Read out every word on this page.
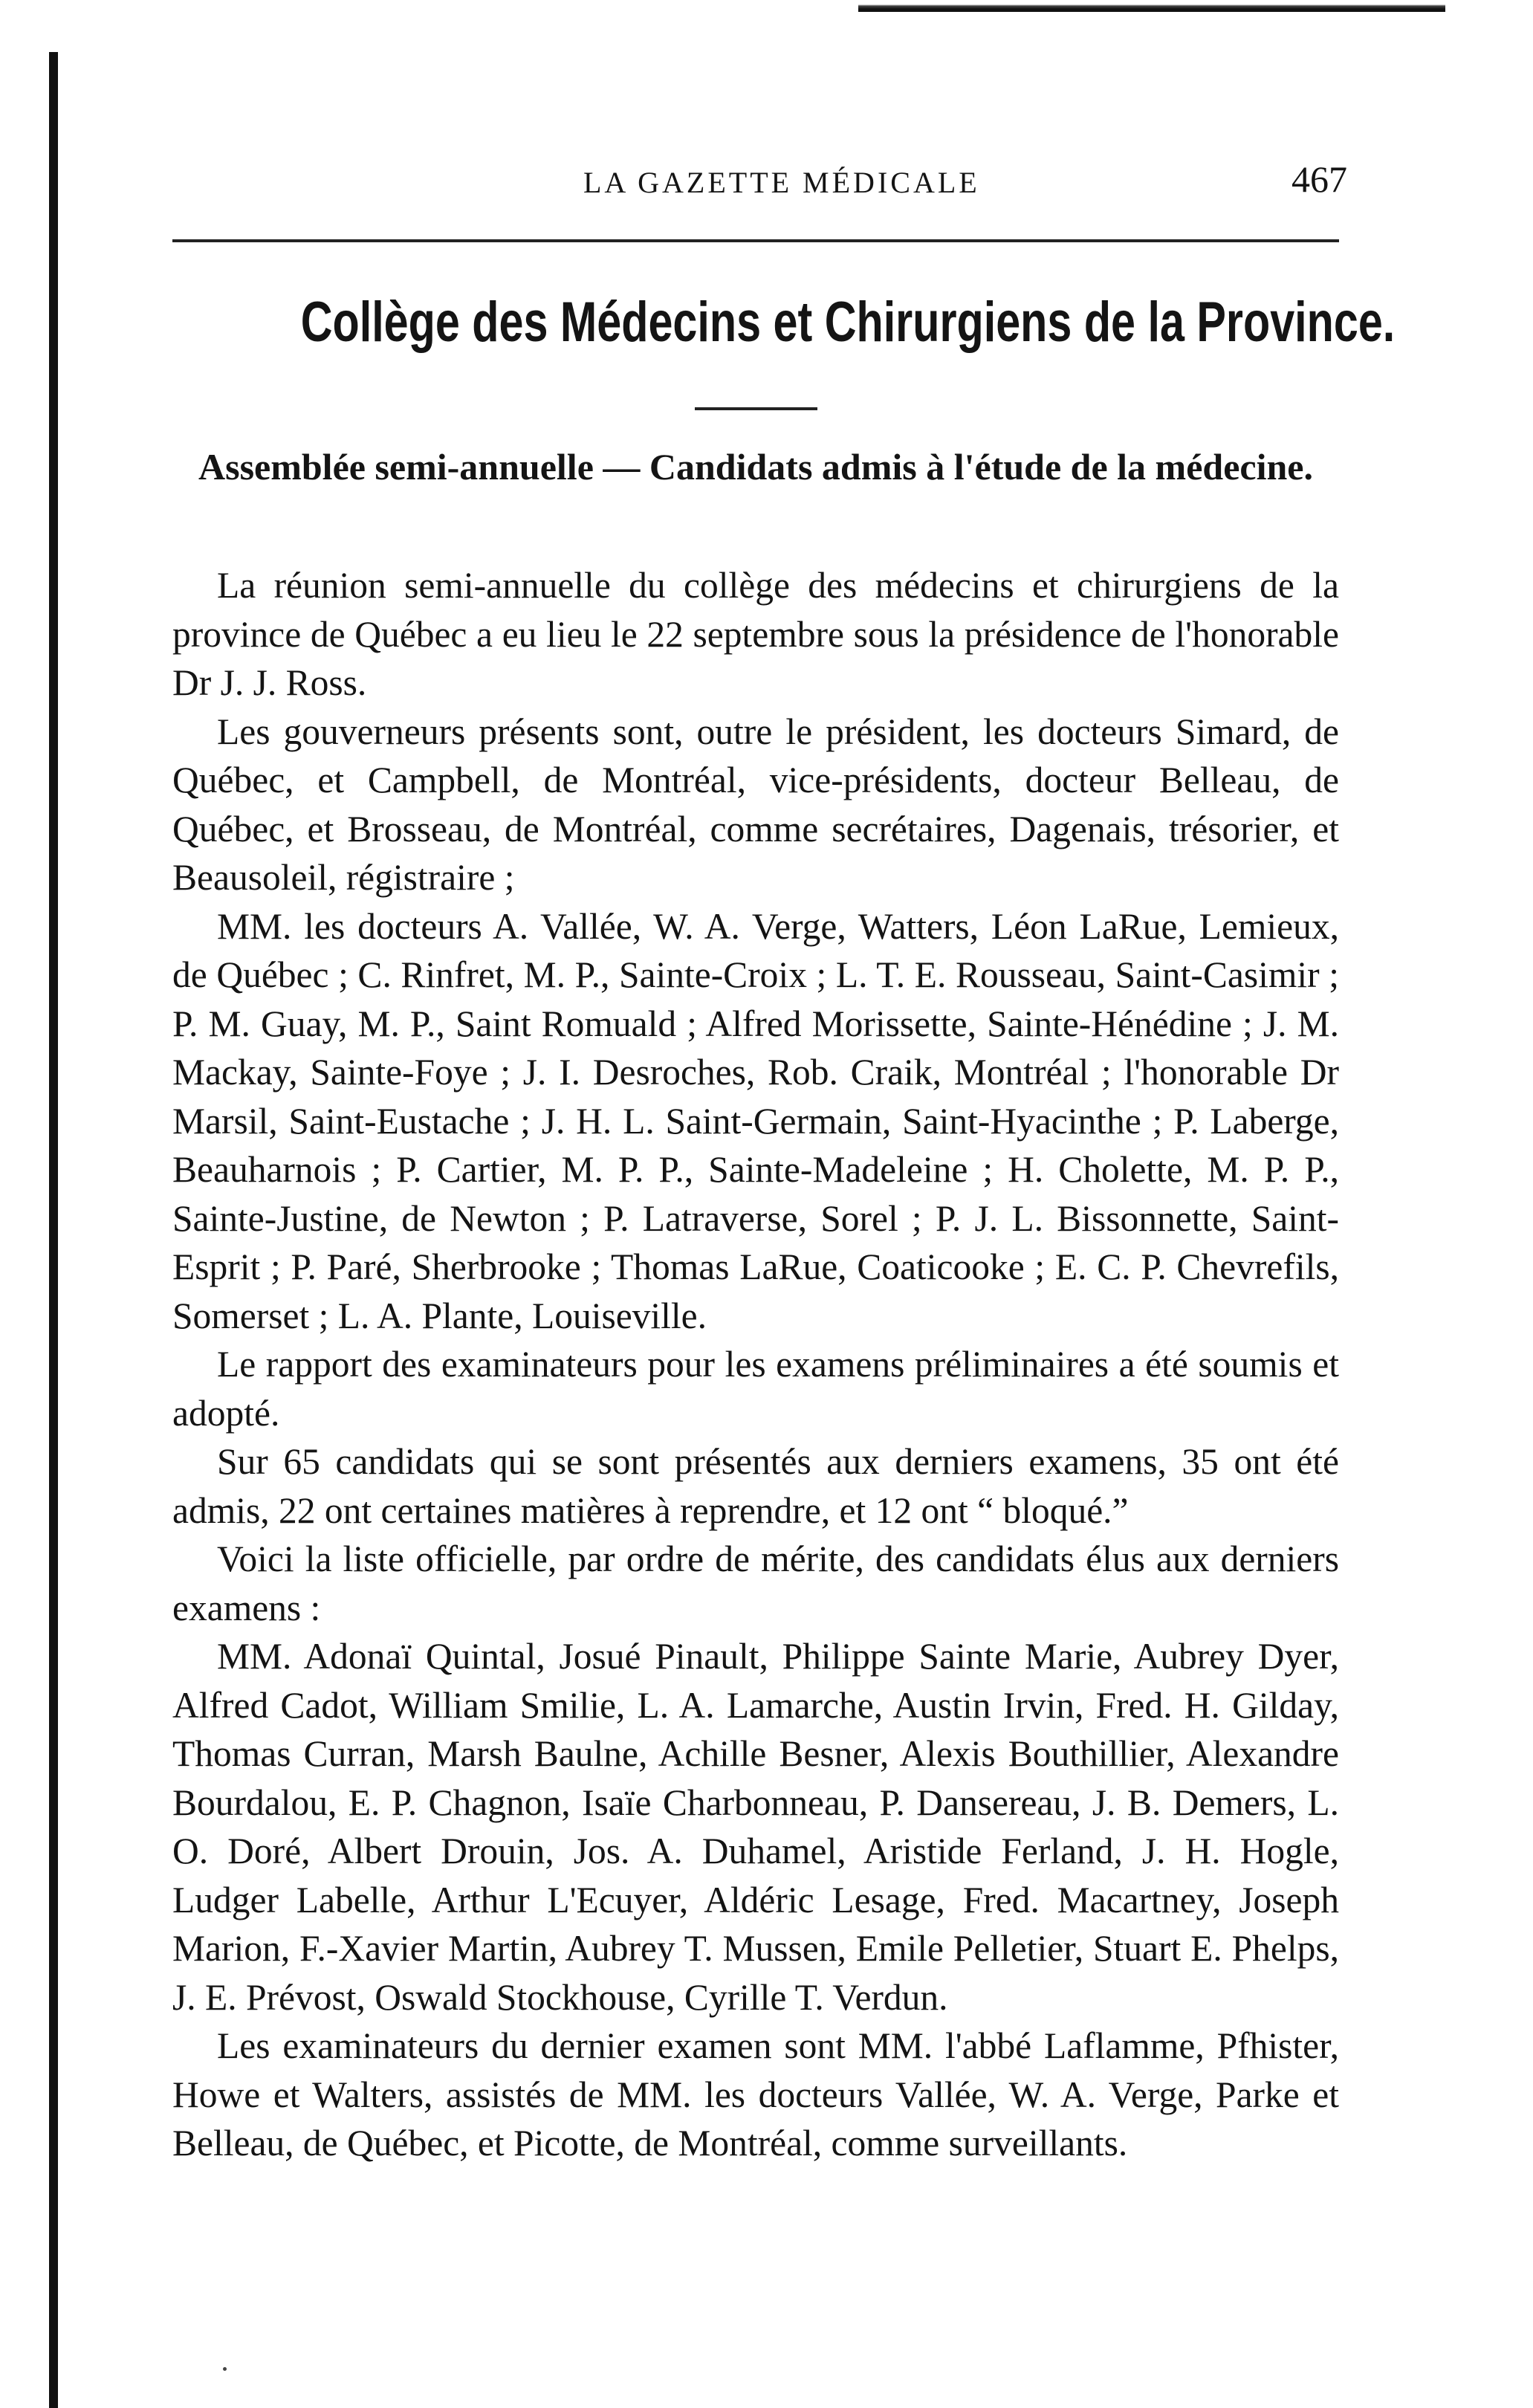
LA GAZETTE MÉDICALE	467
Collège des Médecins et Chirurgiens de la Province.
Assemblée semi-annuelle — Candidats admis à l'étude de la médecine.

La réunion semi-annuelle du collège des médecins et chirurgiens de la province de Québec a eu lieu le 22 septembre sous la présidence de l'honorable Dr J. J. Ross.

Les gouverneurs présents sont, outre le président, les docteurs Simard, de Québec, et Campbell, de Montréal, vice-présidents, docteur Belleau, de Québec, et Brosseau, de Montréal, comme secrétaires, Dagenais, trésorier, et Beausoleil, régistraire ;

MM. les docteurs A. Vallée, W. A. Verge, Watters, Léon LaRue, Lemieux, de Québec ; C. Rinfret, M. P., Sainte-Croix ; L. T. E. Rousseau, Saint-Casimir ; P. M. Guay, M. P., Saint Romuald ; Alfred Morissette, Sainte-Hénédine ; J. M. Mackay, Sainte-Foye ; J. I. Desroches, Rob. Craik, Montréal ; l'honorable Dr Marsil, Saint-Eustache ; J. H. L. Saint-Germain, Saint-Hyacinthe ; P. Laberge, Beauharnois ; P. Cartier, M. P. P., Sainte-Madeleine ; H. Cholette, M. P. P., Sainte-Justine, de Newton ; P. Latraverse, Sorel ; P. J. L. Bissonnette, Saint-Esprit ; P. Paré, Sherbrooke ; Thomas LaRue, Coaticooke ; E. C. P. Chevrefils, Somerset ; L. A. Plante, Louiseville.

Le rapport des examinateurs pour les examens préliminaires a été soumis et adopté.

Sur 65 candidats qui se sont présentés aux derniers examens, 35 ont été admis, 22 ont certaines matières à reprendre, et 12 ont “ bloqué.”

Voici la liste officielle, par ordre de mérite, des candidats élus aux derniers examens :

MM. Adonaï Quintal, Josué Pinault, Philippe Sainte Marie, Aubrey Dyer, Alfred Cadot, William Smilie, L. A. Lamarche, Austin Irvin, Fred. H. Gilday, Thomas Curran, Marsh Baulne, Achille Besner, Alexis Bouthillier, Alexandre Bourdalou, E. P. Chagnon, Isaïe Charbonneau, P. Dansereau, J. B. Demers, L. O. Doré, Albert Drouin, Jos. A. Duhamel, Aristide Ferland, J. H. Hogle, Ludger Labelle, Arthur L'Ecuyer, Aldéric Lesage, Fred. Macartney, Joseph Marion, F.-Xavier Martin, Aubrey T. Mussen, Emile Pelletier, Stuart E. Phelps, J. E. Prévost, Oswald Stockhouse, Cyrille T. Verdun.

Les examinateurs du dernier examen sont MM. l'abbé Laflamme, Pfhister, Howe et Walters, assistés de MM. les docteurs Vallée, W. A. Verge, Parke et Belleau, de Québec, et Picotte, de Montréal, comme surveillants.
